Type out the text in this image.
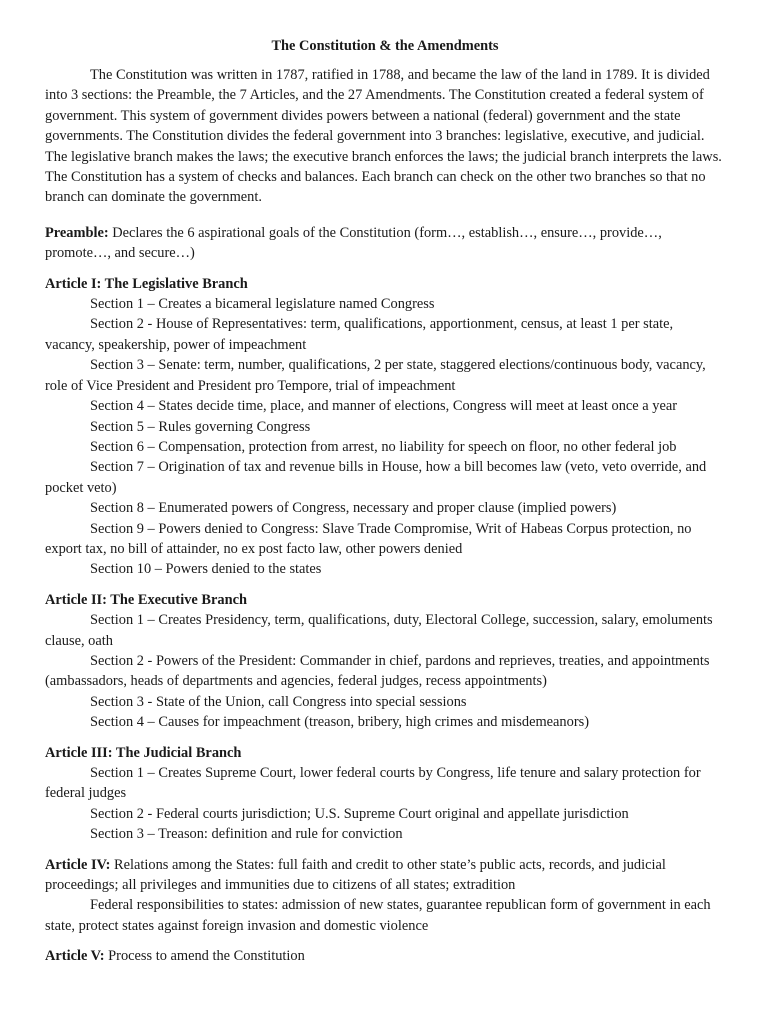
The Constitution & the Amendments

The Constitution was written in 1787, ratified in 1788, and became the law of the land in 1789. It is divided into 3 sections: the Preamble, the 7 Articles, and the 27 Amendments. The Constitution created a federal system of government. This system of government divides powers between a national (federal) government and the state governments. The Constitution divides the federal government into 3 branches: legislative, executive, and judicial. The legislative branch makes the laws; the executive branch enforces the laws; the judicial branch interprets the laws. The Constitution has a system of checks and balances. Each branch can check on the other two branches so that no branch can dominate the government.

Preamble: Declares the 6 aspirational goals of the Constitution (form…, establish…, ensure…, provide…, promote…, and secure…)

Article I: The Legislative Branch

Section 1 – Creates a bicameral legislature named Congress

Section 2 - House of Representatives: term, qualifications, apportionment, census, at least 1 per state, vacancy, speakership, power of impeachment

Section 3 – Senate: term, number, qualifications, 2 per state, staggered elections/continuous body, vacancy, role of Vice President and President pro Tempore, trial of impeachment

Section 4 – States decide time, place, and manner of elections, Congress will meet at least once a year

Section 5 – Rules governing Congress

Section 6 – Compensation, protection from arrest, no liability for speech on floor, no other federal job

Section 7 – Origination of tax and revenue bills in House, how a bill becomes law (veto, veto override, and pocket veto)

Section 8 – Enumerated powers of Congress, necessary and proper clause (implied powers)

Section 9 – Powers denied to Congress: Slave Trade Compromise, Writ of Habeas Corpus protection, no export tax, no bill of attainder, no ex post facto law, other powers denied

Section 10 – Powers denied to the states

Article II: The Executive Branch

Section 1 – Creates Presidency, term, qualifications, duty, Electoral College, succession, salary, emoluments clause, oath

Section 2 - Powers of the President: Commander in chief, pardons and reprieves, treaties, and appointments (ambassadors, heads of departments and agencies, federal judges, recess appointments)

Section 3 - State of the Union, call Congress into special sessions

Section 4 – Causes for impeachment (treason, bribery, high crimes and misdemeanors)

Article III: The Judicial Branch

Section 1 – Creates Supreme Court, lower federal courts by Congress, life tenure and salary protection for federal judges

Section 2 - Federal courts jurisdiction; U.S. Supreme Court original and appellate jurisdiction

Section 3 – Treason: definition and rule for conviction

Article IV: Relations among the States: full faith and credit to other state’s public acts, records, and judicial proceedings; all privileges and immunities due to citizens of all states; extradition

Federal responsibilities to states: admission of new states, guarantee republican form of government in each state, protect states against foreign invasion and domestic violence

Article V: Process to amend the Constitution
